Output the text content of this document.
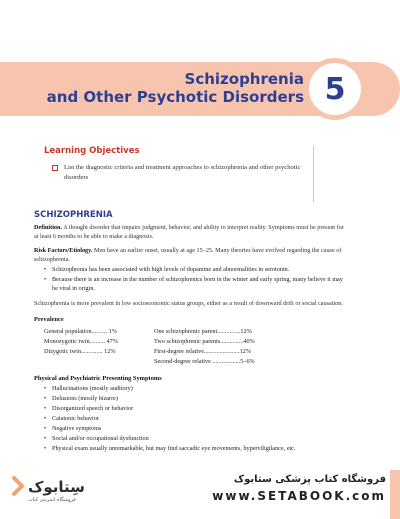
Schizophrenia
and Other Psychotic Disorders 5
Learning Objectives
List the diagnostic criteria and treatment approaches to schizophrenia and other psychotic disorders
SCHIZOPHRENIA

Definition. A thought disorder that impairs judgment, behavior, and ability to interpret reality. Symptoms must be present for at least 6 months to be able to make a diagnosis.

Risk Factors/Etiology. Men have an earlier onset, usually at age 15–25. Many theories have evolved regarding the cause of schizophrenia.

• Schizophrenia has been associated with high levels of dopamine and abnormalities in serotonin.
• Because there is an increase in the number of schizophrenics born in the winter and early spring, many believe it may be viral in origin.

Schizophrenia is more prevalent in low socioeconomic status groups, either as a result of downward drift or social causation.

Prevalence
General population.......... 1%
Monozygotic twin.......... 47%
Dizygotic twin.............. 12%
One schizophrenic parent...............12%
Two schizophrenic parents...............40%
First-degree relative.......................12%
Second-degree relative ..................5–6%
Physical and Psychiatric Presenting Symptoms
• Hallucinations (mostly auditory)
• Delusions (mostly bizarre)
• Disorganized speech or behavior
• Catatonic behavior
• Negative symptoms
• Social and/or occupational dysfunction
• Physical exam usually unremarkable, but may find saccadic eye movements, hyperviligilance, etc.
سِتابوک
فروشگاه اینترنتی کتاب
فروشگاه کتاب پزشکی ستابوک
www.SETABOOK.com
